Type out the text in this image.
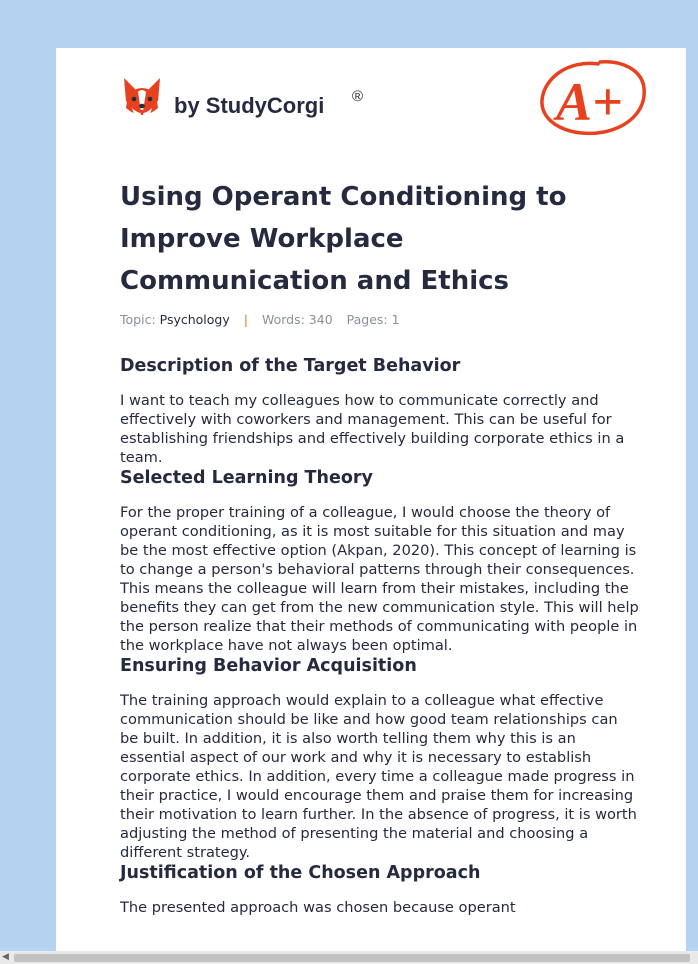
by StudyCorgi ®	A+
Using Operant Conditioning to Improve Workplace Communication and Ethics
Topic: Psychology | Words: 340 Pages: 1
Description of the Target Behavior

I want to teach my colleagues how to communicate correctly and effectively with coworkers and management. This can be useful for establishing friendships and effectively building corporate ethics in a team.

Selected Learning Theory

For the proper training of a colleague, I would choose the theory of operant conditioning, as it is most suitable for this situation and may be the most effective option (Akpan, 2020). This concept of learning is to change a person's behavioral patterns through their consequences. This means the colleague will learn from their mistakes, including the benefits they can get from the new communication style. This will help the person realize that their methods of communicating with people in the workplace have not always been optimal.

Ensuring Behavior Acquisition

The training approach would explain to a colleague what effective communication should be like and how good team relationships can be built. In addition, it is also worth telling them why this is an essential aspect of our work and why it is necessary to establish corporate ethics. In addition, every time a colleague made progress in their practice, I would encourage them and praise them for increasing their motivation to learn further. In the absence of progress, it is worth adjusting the method of presenting the material and choosing a different strategy.

Justification of the Chosen Approach

The presented approach was chosen because operant

◀
